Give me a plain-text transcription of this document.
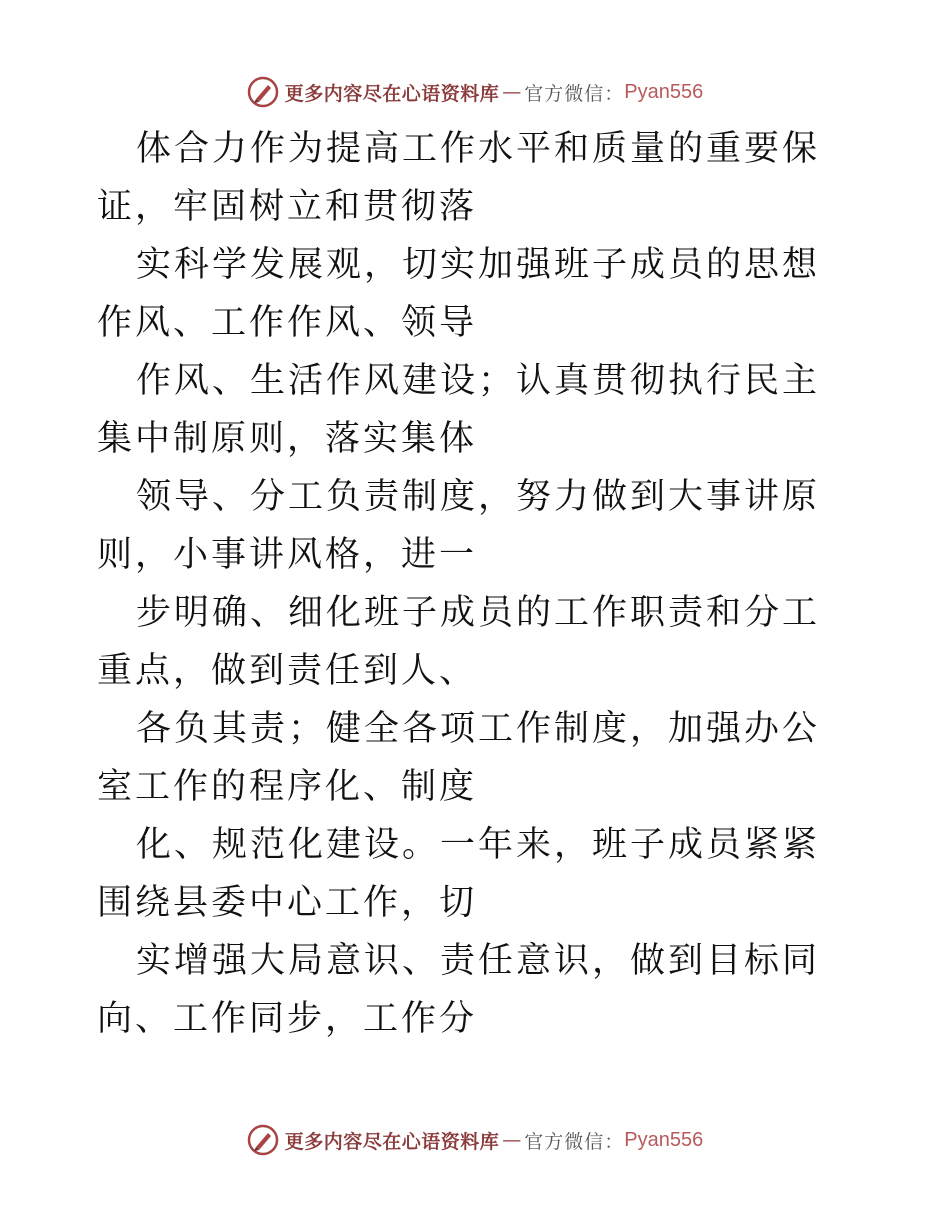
更多内容尽在心语资料库 — 官方微信： Pyan556

体合力作为提高工作水平和质量的重要保证，牢固树立和贯彻落

实科学发展观，切实加强班子成员的思想作风、工作作风、领导

作风、生活作风建设；认真贯彻执行民主集中制原则，落实集体

领导、分工负责制度，努力做到大事讲原则，小事讲风格，进一

步明确、细化班子成员的工作职责和分工重点，做到责任到人、

各负其责；健全各项工作制度，加强办公室工作的程序化、制度

化、规范化建设。一年来，班子成员紧紧围绕县委中心工作，切

实增强大局意识、责任意识，做到目标同向、工作同步，工作分

更多内容尽在心语资料库 — 官方微信： Pyan556
